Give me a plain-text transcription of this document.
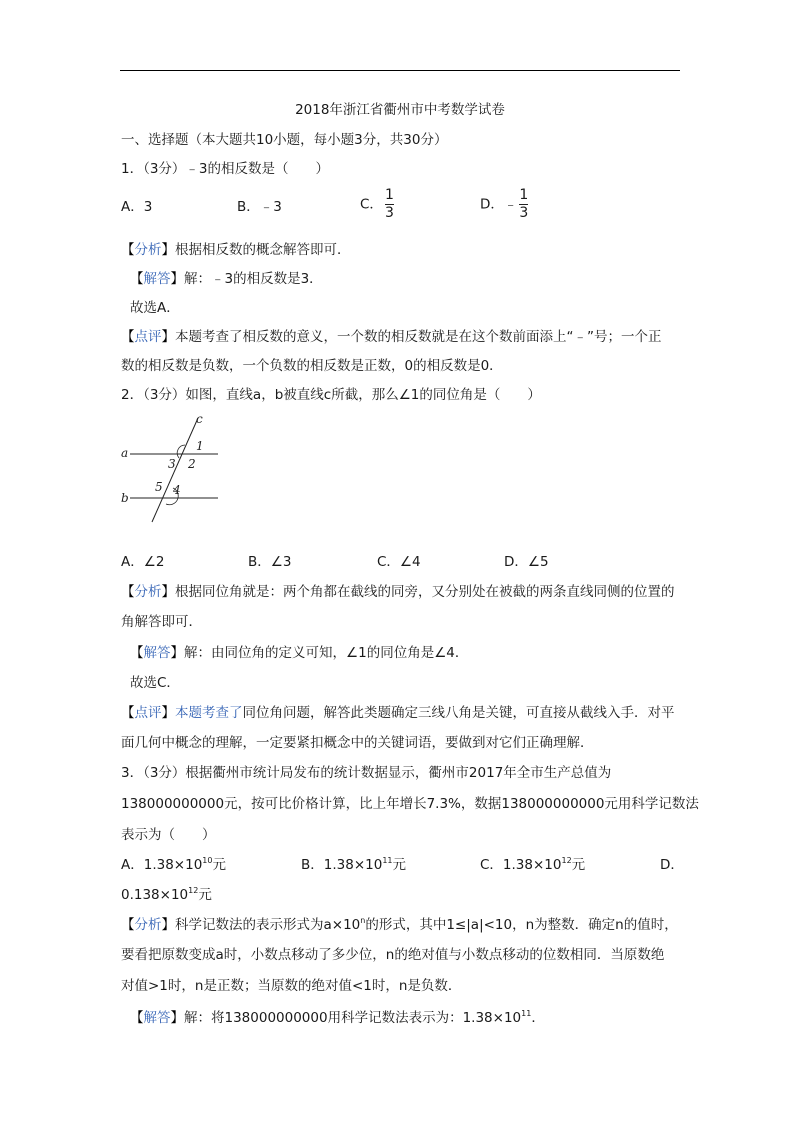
2018年浙江省衢州市中考数学试卷
一、选择题（本大题共10小题，每小题3分，共30分）
1．（3分）﹣3的相反数是（　　）
A．3	B．﹣3	C． $\frac{1}{3}$	D．﹣ $\frac{1}{3}$
【分析】根据相反数的概念解答即可．
【解答】解：﹣3的相反数是3．
故选A．
【点评】本题考查了相反数的意义，一个数的相反数就是在这个数前面添上“﹣”号；一个正
数的相反数是负数，一个负数的相反数是正数，0的相反数是0．
2．（3分）如图，直线a，b被直线c所截，那么∠1的同位角是（　　）
c
a
b
1
2
3
4
5
A．∠2	B．∠3	C．∠4	D．∠5
【分析】根据同位角就是：两个角都在截线的同旁，又分别处在被截的两条直线同侧的位置的
角解答即可．
【解答】解：由同位角的定义可知，∠1的同位角是∠4．
故选C．
【点评】本题考查了同位角问题，解答此类题确定三线八角是关键，可直接从截线入手．对平
面几何中概念的理解，一定要紧扣概念中的关键词语，要做到对它们正确理解．
3．（3分）根据衢州市统计局发布的统计数据显示，衢州市2017年全市生产总值为
138000000000元，按可比价格计算，比上年增长7.3%，数据138000000000元用科学记数法
表示为（　　）
A．$1.38\times 10^{10}$元	B．$1.38\times 10^{11}$元	C．$1.38\times 10^{12}$元	D．
$0.138\times 10^{12}$元
【分析】科学记数法的表示形式为$a\times 10^n$的形式，其中1≤|a|<10，n为整数．确定n的值时，
要看把原数变成a时，小数点移动了多少位，n的绝对值与小数点移动的位数相同．当原数绝
对值>1时，n是正数；当原数的绝对值<1时，n是负数．
【解答】解：将138000000000用科学记数法表示为：$1.38\times 10^{11}$．
